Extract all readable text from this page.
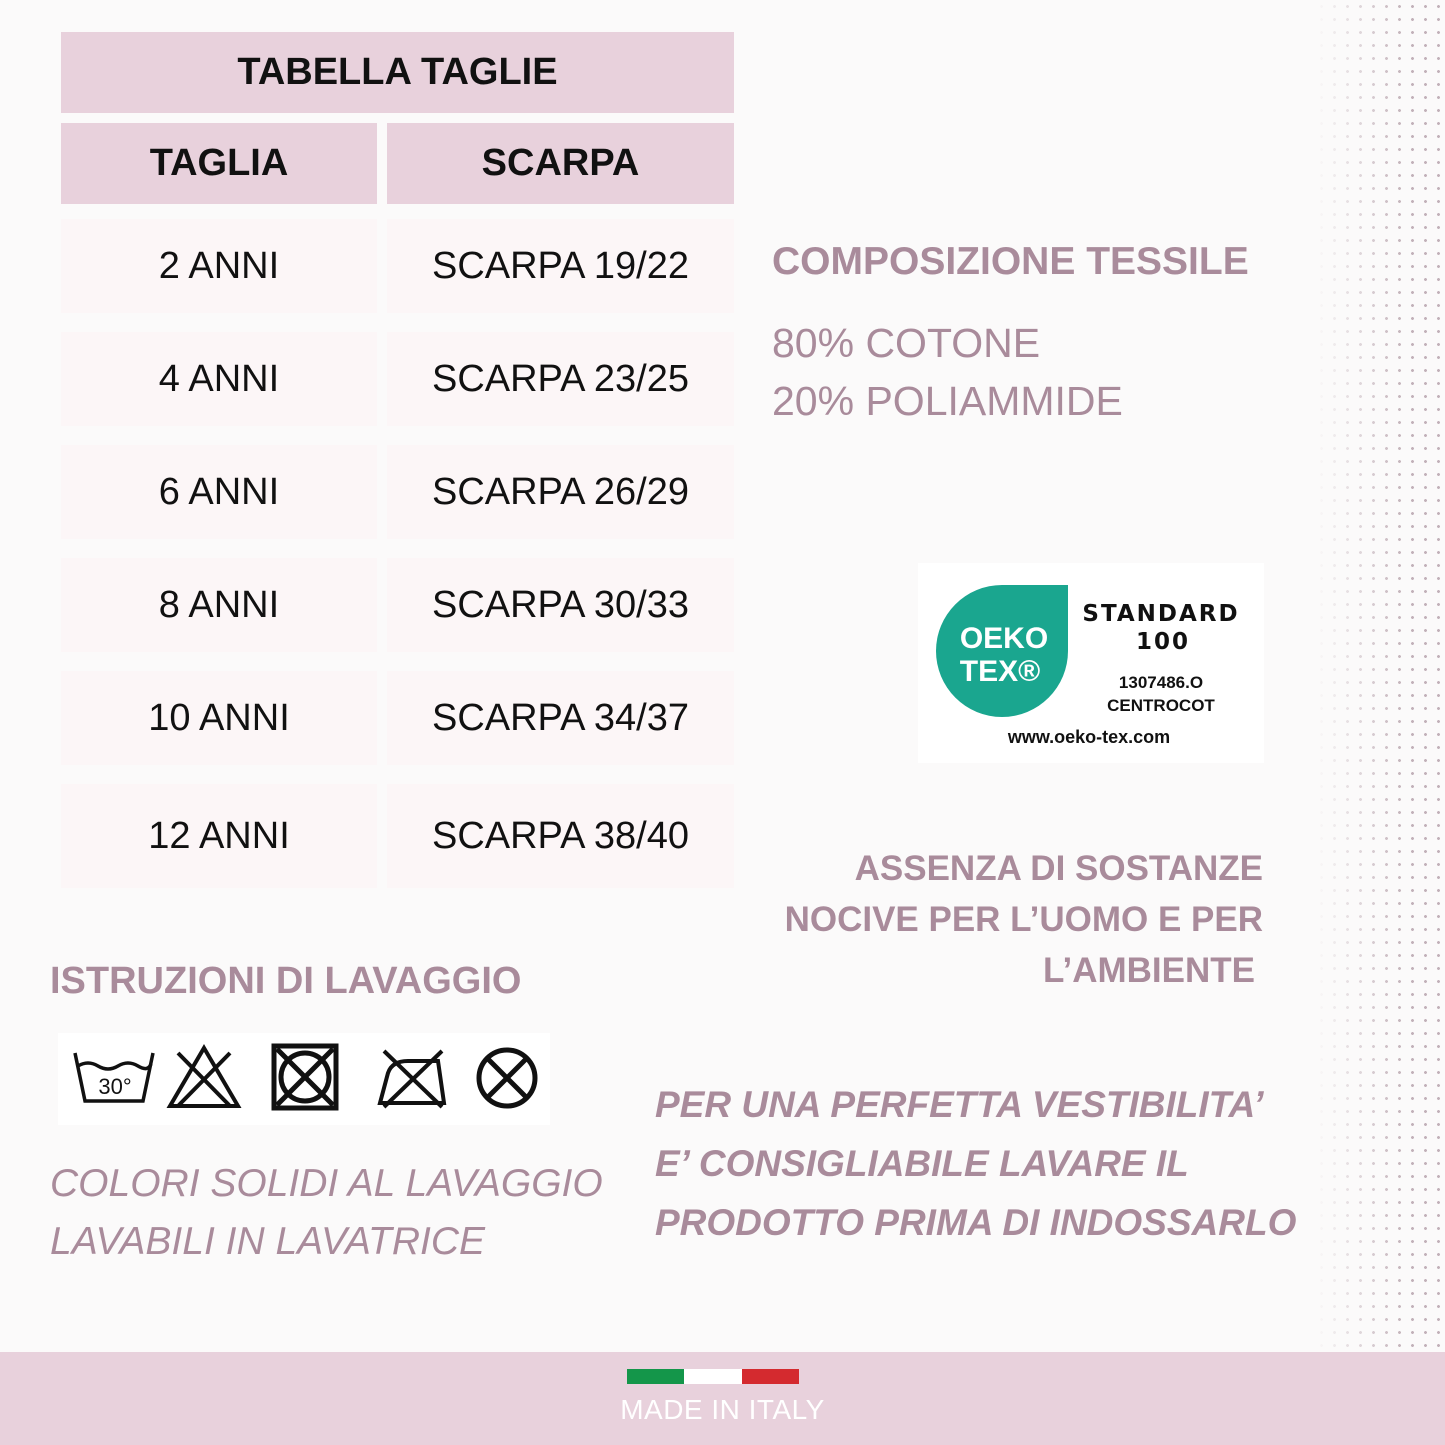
TABELLA TAGLIE
TAGLIA	SCARPA
2 ANNI	SCARPA 19/22
4 ANNI	SCARPA 23/25
6 ANNI	SCARPA 26/29
8 ANNI	SCARPA 30/33
10 ANNI	SCARPA 34/37
12 ANNI	SCARPA 38/40
COMPOSIZIONE TESSILE
80% COTONE
20% POLIAMMIDE
OEKO
TEX®
STANDARD
100
1307486.O
CENTROCOT
www.oeko-tex.com
ASSENZA DI SOSTANZE
NOCIVE PER L’UOMO E PER
L’AMBIENTE
ISTRUZIONI DI LAVAGGIO
30°
COLORI SOLIDI AL LAVAGGIO
LAVABILI IN LAVATRICE
PER UNA PERFETTA VESTIBILITA’
E’ CONSIGLIABILE LAVARE IL
PRODOTTO PRIMA DI INDOSSARLO
MADE IN ITALY
